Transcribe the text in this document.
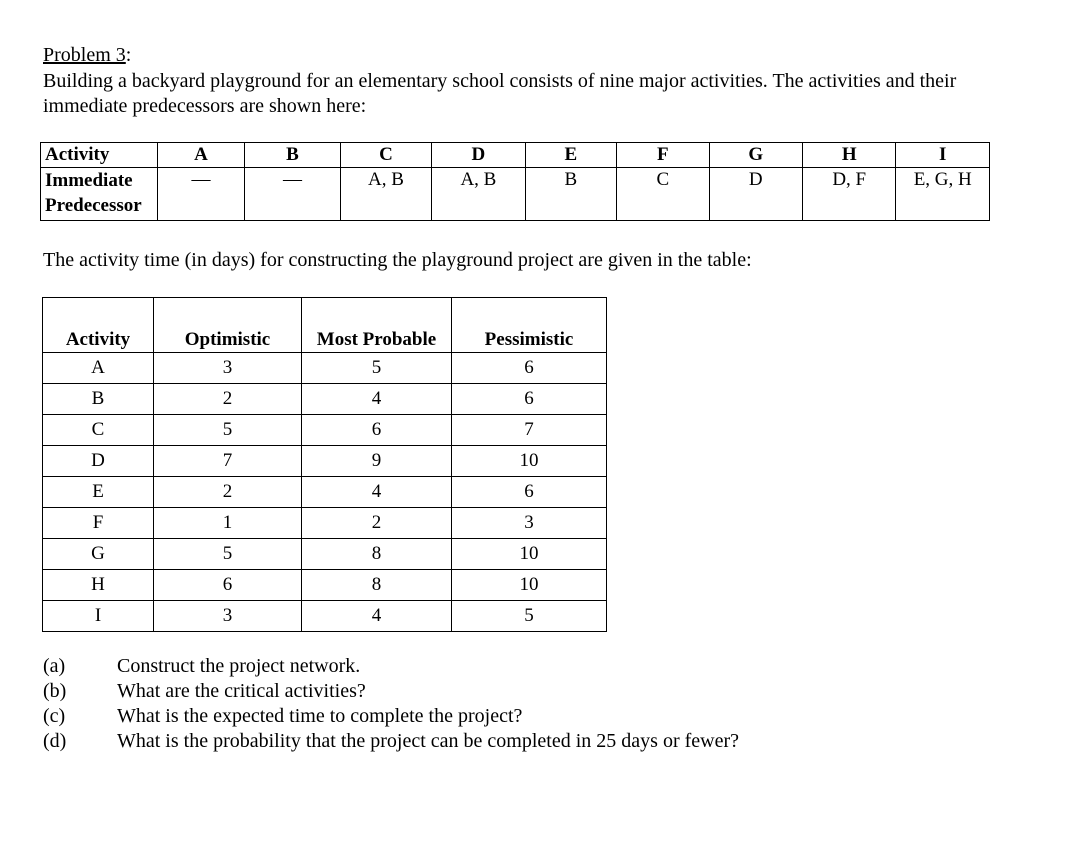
Problem 3:
Building a backyard playground for an elementary school consists of nine major activities. The activities and their immediate predecessors are shown here:
Activity	A	B	C	D	E	F	G	H	I
Immediate Predecessor	—	—	A, B	A, B	B	C	D	D, F	E, G, H
The activity time (in days) for constructing the playground project are given in the table:
Activity	Optimistic	Most Probable	Pessimistic
A	3	5	6
B	2	4	6
C	5	6	7
D	7	9	10
E	2	4	6
F	1	2	3
G	5	8	10
H	6	8	10
I	3	4	5
(a)	Construct the project network.
(b)	What are the critical activities?
(c)	What is the expected time to complete the project?
(d)	What is the probability that the project can be completed in 25 days or fewer?
